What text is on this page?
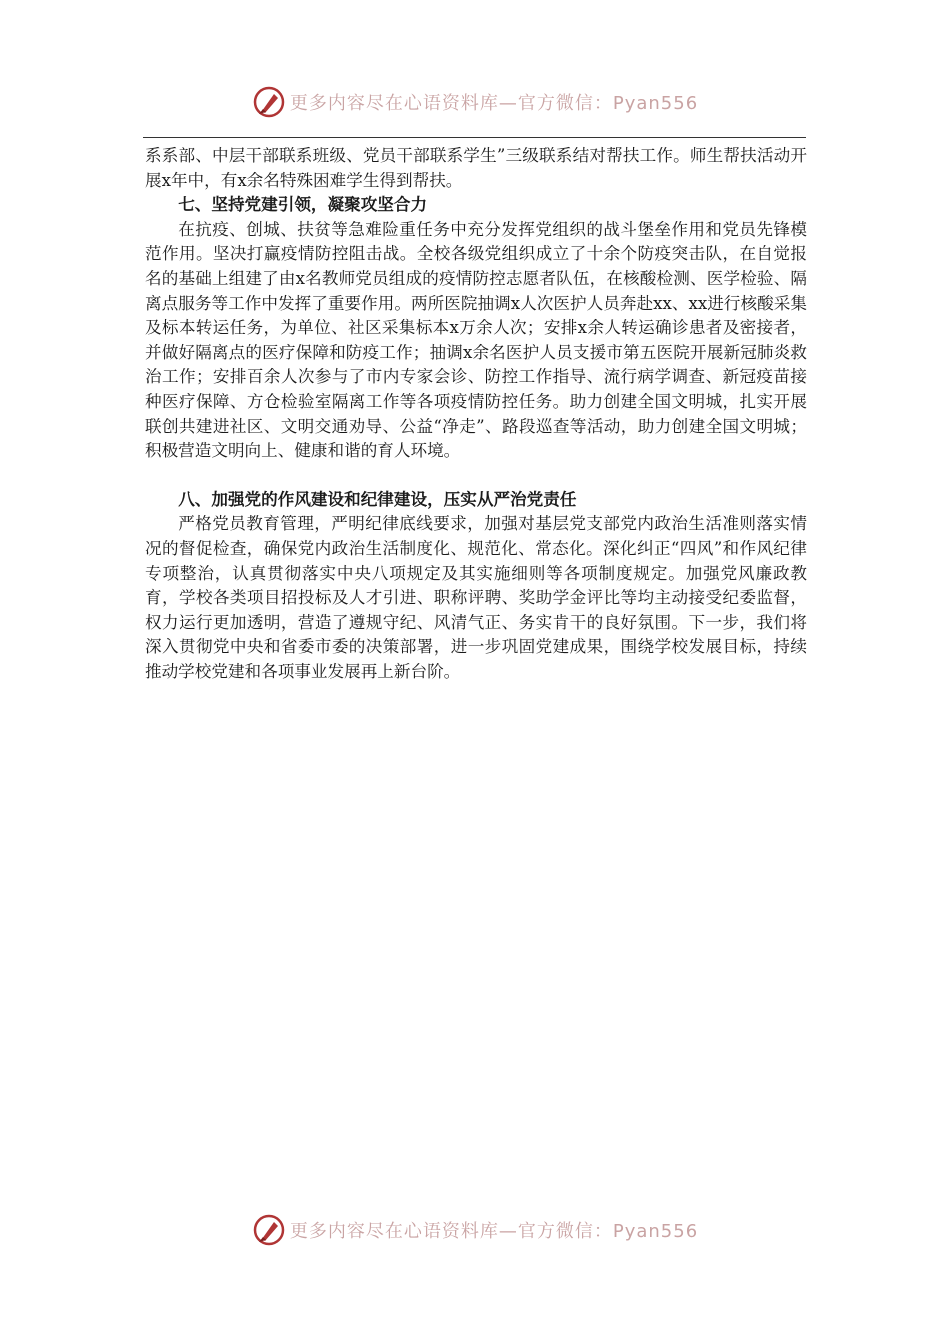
更多内容尽在心语资料库—官方微信：Pyan556

系系部、中层干部联系班级、党员干部联系学生”三级联系结对帮扶工作。师生帮扶活动开展x年中，有x余名特殊困难学生得到帮扶。

七、坚持党建引领，凝聚攻坚合力

在抗疫、创城、扶贫等急难险重任务中充分发挥党组织的战斗堡垒作用和党员先锋模范作用。坚决打赢疫情防控阻击战。全校各级党组织成立了十余个防疫突击队，在自觉报名的基础上组建了由x名教师党员组成的疫情防控志愿者队伍，在核酸检测、医学检验、隔离点服务等工作中发挥了重要作用。两所医院抽调x人次医护人员奔赴xx、xx进行核酸采集及标本转运任务，为单位、社区采集标本x万余人次；安排x余人转运确诊患者及密接者，并做好隔离点的医疗保障和防疫工作；抽调x余名医护人员支援市第五医院开展新冠肺炎救治工作；安排百余人次参与了市内专家会诊、防控工作指导、流行病学调查、新冠疫苗接种医疗保障、方仓检验室隔离工作等各项疫情防控任务。助力创建全国文明城，扎实开展联创共建进社区、文明交通劝导、公益“净走”、路段巡查等活动，助力创建全国文明城；积极营造文明向上、健康和谐的育人环境。

八、加强党的作风建设和纪律建设，压实从严治党责任

严格党员教育管理，严明纪律底线要求，加强对基层党支部党内政治生活准则落实情况的督促检查，确保党内政治生活制度化、规范化、常态化。深化纠正“四风”和作风纪律专项整治，认真贯彻落实中央八项规定及其实施细则等各项制度规定。加强党风廉政教育，学校各类项目招投标及人才引进、职称评聘、奖助学金评比等均主动接受纪委监督，权力运行更加透明，营造了遵规守纪、风清气正、务实肯干的良好氛围。下一步，我们将深入贯彻党中央和省委市委的决策部署，进一步巩固党建成果，围绕学校发展目标，持续推动学校党建和各项事业发展再上新台阶。

更多内容尽在心语资料库—官方微信：Pyan556
